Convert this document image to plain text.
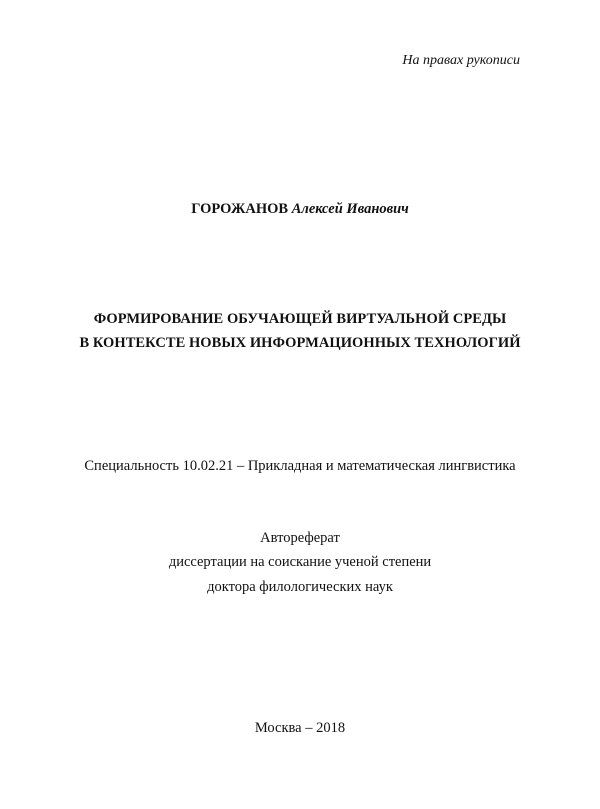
На правах рукописи
ГОРОЖАНОВ Алексей Иванович
ФОРМИРОВАНИЕ ОБУЧАЮЩЕЙ ВИРТУАЛЬНОЙ СРЕДЫ
В КОНТЕКСТЕ НОВЫХ ИНФОРМАЦИОННЫХ ТЕХНОЛОГИЙ
Специальность 10.02.21 – Прикладная и математическая лингвистика
Автореферат
диссертации на соискание ученой степени
доктора филологических наук
Москва – 2018
